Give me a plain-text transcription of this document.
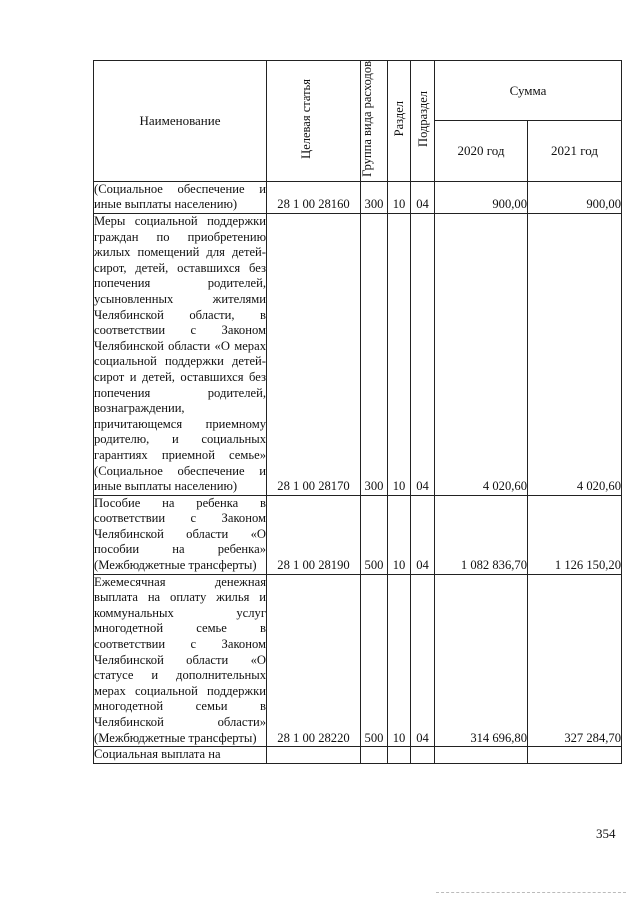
Наименование	Целевая статья	Группа вида расходов	Раздел	Подраздел	Сумма	
					2020 год	2021 год
(Социальное обеспечение и иные выплаты населению)	28 1 00 28160	300	10	04	900,00	900,00
Меры социальной поддержки граждан по приобретению жилых помещений для детей-сирот, детей, оставшихся без попечения родителей, усыновленных жителями Челябинской области, в соответствии с Законом Челябинской области «О мерах социальной поддержки детей-сирот и детей, оставшихся без попечения родителей, вознаграждении, причитающемся приемному родителю, и социальных гарантиях приемной семье» (Социальное обеспечение и иные выплаты населению)	28 1 00 28170	300	10	04	4 020,60	4 020,60
Пособие на ребенка в соответствии с Законом Челябинской области «О пособии на ребенка» (Межбюджетные трансферты)	28 1 00 28190	500	10	04	1 082 836,70	1 126 150,20
Ежемесячная денежная выплата на оплату жилья и коммунальных услуг многодетной семье в соответствии с Законом Челябинской области «О статусе и дополнительных мерах социальной поддержки многодетной семьи в Челябинской области» (Межбюджетные трансферты)	28 1 00 28220	500	10	04	314 696,80	327 284,70
Социальная выплата на						
354
